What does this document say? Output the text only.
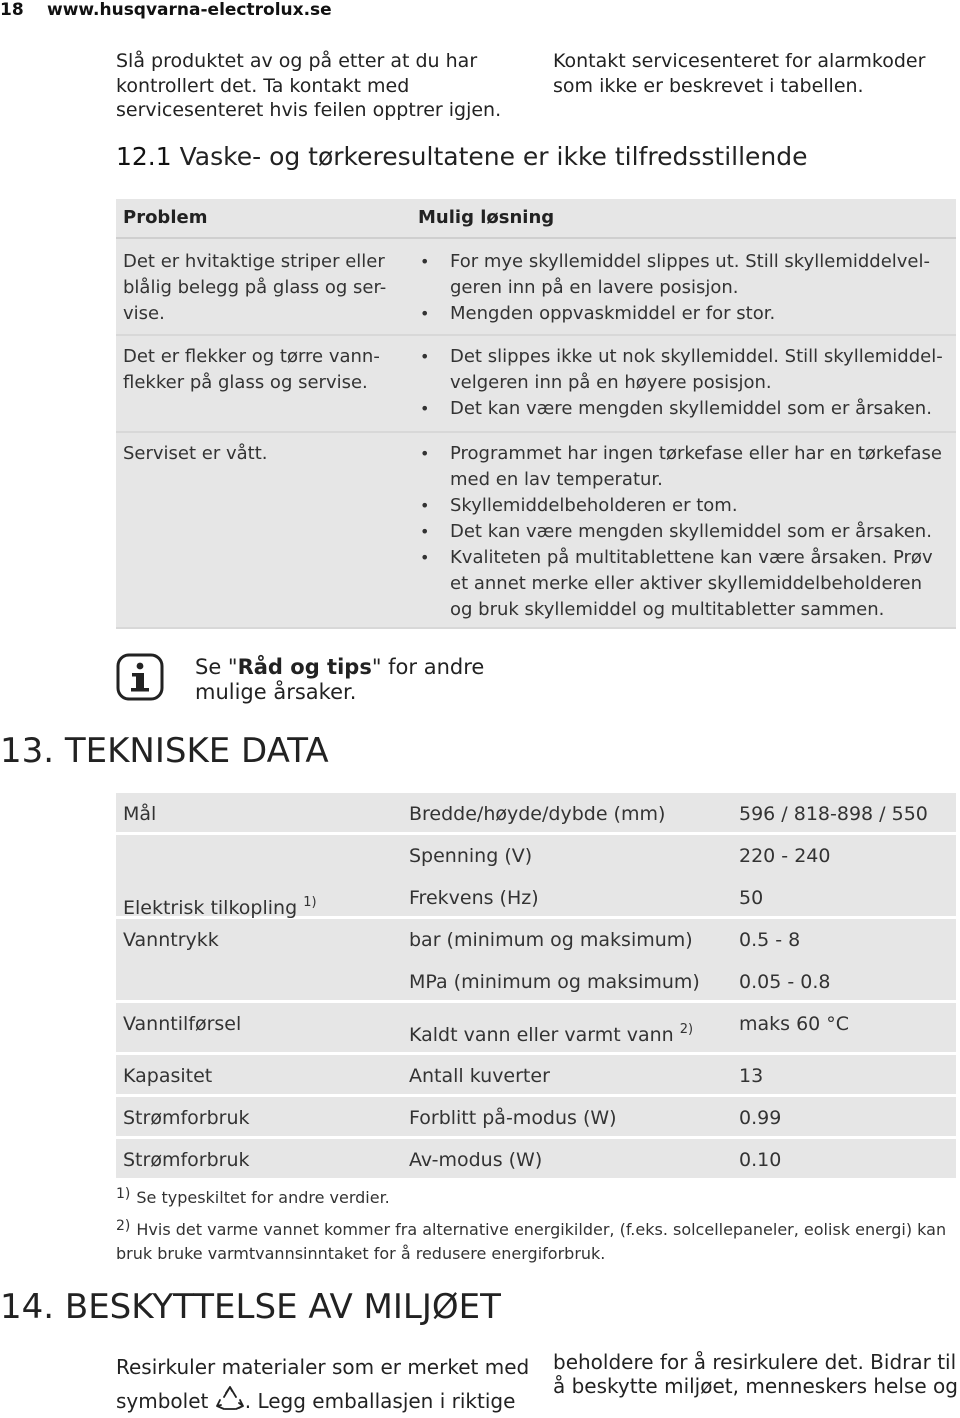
18 www.husqvarna-electrolux.se
Slå produktet av og på etter at du har
kontrollert det. Ta kontakt med
servicesenteret hvis feilen opptrer igjen.
Kontakt servicesenteret for alarmkoder
som ikke er beskrevet i tabellen.
12.1 Vaske- og tørkeresultatene er ikke tilfredsstillende
Problem	Mulig løsning
Det er hvitaktige striper eller
blålig belegg på glass og ser-
vise.
• For mye skyllemiddel slippes ut. Still skyllemiddelvel-
geren inn på en lavere posisjon.
• Mengden oppvaskmiddel er for stor.
Det er flekker og tørre vann-
flekker på glass og servise.
• Det slippes ikke ut nok skyllemiddel. Still skyllemiddel-
velgeren inn på en høyere posisjon.
• Det kan være mengden skyllemiddel som er årsaken.
Serviset er vått.
•	Programmet har ingen tørkefase eller har en tørkefase
med en lav temperatur.
• Skyllemiddelbeholderen er tom.
• Det kan være mengden skyllemiddel som er årsaken.
• Kvaliteten på multitablettene kan være årsaken. Prøv
et annet merke eller aktiver skyllemiddelbeholderen
og bruk skyllemiddel og multitabletter sammen.
Se "Råd og tips" for andre
mulige årsaker.
13. TEKNISKE DATA
Mål	Bredde/høyde/dybde (mm)	596 / 818-898 / 550
Elektrisk tilkopling $^{1)}$
Spenning (V)	220 - 240
Frekvens (Hz)	50
Vanntrykk	bar (minimum og maksimum) 0.5 - 8
MPa (minimum og maksimum) 0.05 - 0.8
Vanntilførsel	Kaldt vann eller varmt vann $^{2)}$ maks 60 °C
Kapasitet	Antall kuverter	13
Strømforbruk	Forblitt på-modus (W)	0.99
Strømforbruk	Av-modus (W)	0.10
1) Se typeskiltet for andre verdier.
2) Hvis det varme vannet kommer fra alternative energikilder, (f.eks. solcellepaneler, eolisk energi) kan
bruk bruke varmtvannsinntaket for å redusere energiforbruk.
14. BESKYTTELSE AV MILJØET
Resirkuler materialer som er merket med
symbolet . Legg emballasjen i riktige
beholdere for å resirkulere det. Bidrar til
å beskytte miljøet, menneskers helse og
